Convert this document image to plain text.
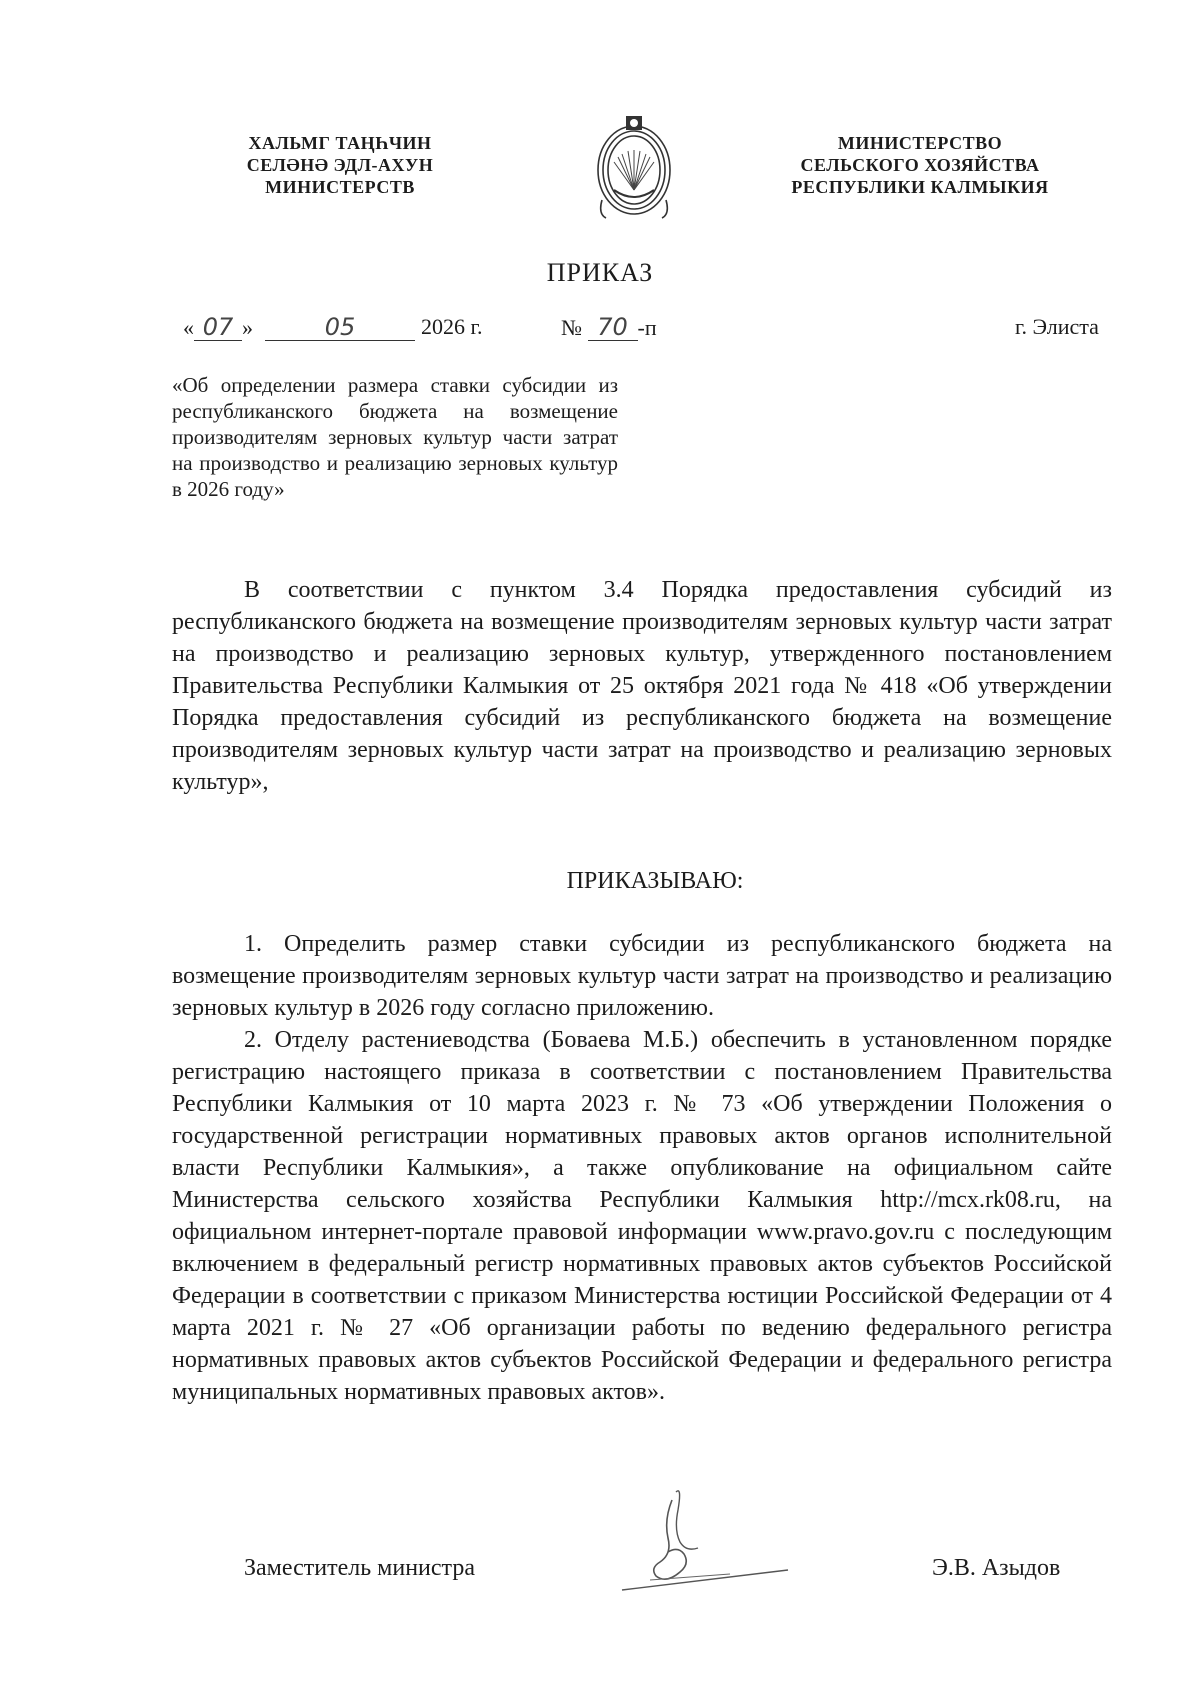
ХАЛЬМГ ТАҢҺЧИН
СЕЛӘНӘ ЭДЛ-АХУН
МИНИСТЕРСТВ
МИНИСТЕРСТВО
СЕЛЬСКОГО ХОЗЯЙСТВА
РЕСПУБЛИКИ КАЛМЫКИЯ
ПРИКАЗ
« 07 »	05	2026 г.	№ 70 -п	г. Элиста
«Об определении размера ставки субсидии из республиканского бюджета на возмещение производителям зерновых культур части затрат на производство и реализацию зерновых культур в 2026 году»

В соответствии с пунктом 3.4 Порядка предоставления субсидий из республиканского бюджета на возмещение производителям зерновых культур части затрат на производство и реализацию зерновых культур, утвержденного постановлением Правительства Республики Калмыкия от 25 октября 2021 года № 418 «Об утверждении Порядка предоставления субсидий из республиканского бюджета на возмещение производителям зерновых культур части затрат на производство и реализацию зерновых культур»,

ПРИКАЗЫВАЮ:

1. Определить размер ставки субсидии из республиканского бюджета на возмещение производителям зерновых культур части затрат на производство и реализацию зерновых культур в 2026 году согласно приложению.

2. Отделу растениеводства (Боваева М.Б.) обеспечить в установленном порядке регистрацию настоящего приказа в соответствии с постановлением Правительства Республики Калмыкия от 10 марта 2023 г. № 73 «Об утверждении Положения о государственной регистрации нормативных правовых актов органов исполнительной власти Республики Калмыкия», а также опубликование на официальном сайте Министерства сельского хозяйства Республики Калмыкия http://mcx.rk08.ru, на официальном интернет-портале правовой информации www.pravo.gov.ru с последующим включением в федеральный регистр нормативных правовых актов субъектов Российской Федерации в соответствии с приказом Министерства юстиции Российской Федерации от 4 марта 2021 г. № 27 «Об организации работы по ведению федерального регистра нормативных правовых актов субъектов Российской Федерации и федерального регистра муниципальных нормативных правовых актов».

Заместитель министра	Э.В. Азыдов
